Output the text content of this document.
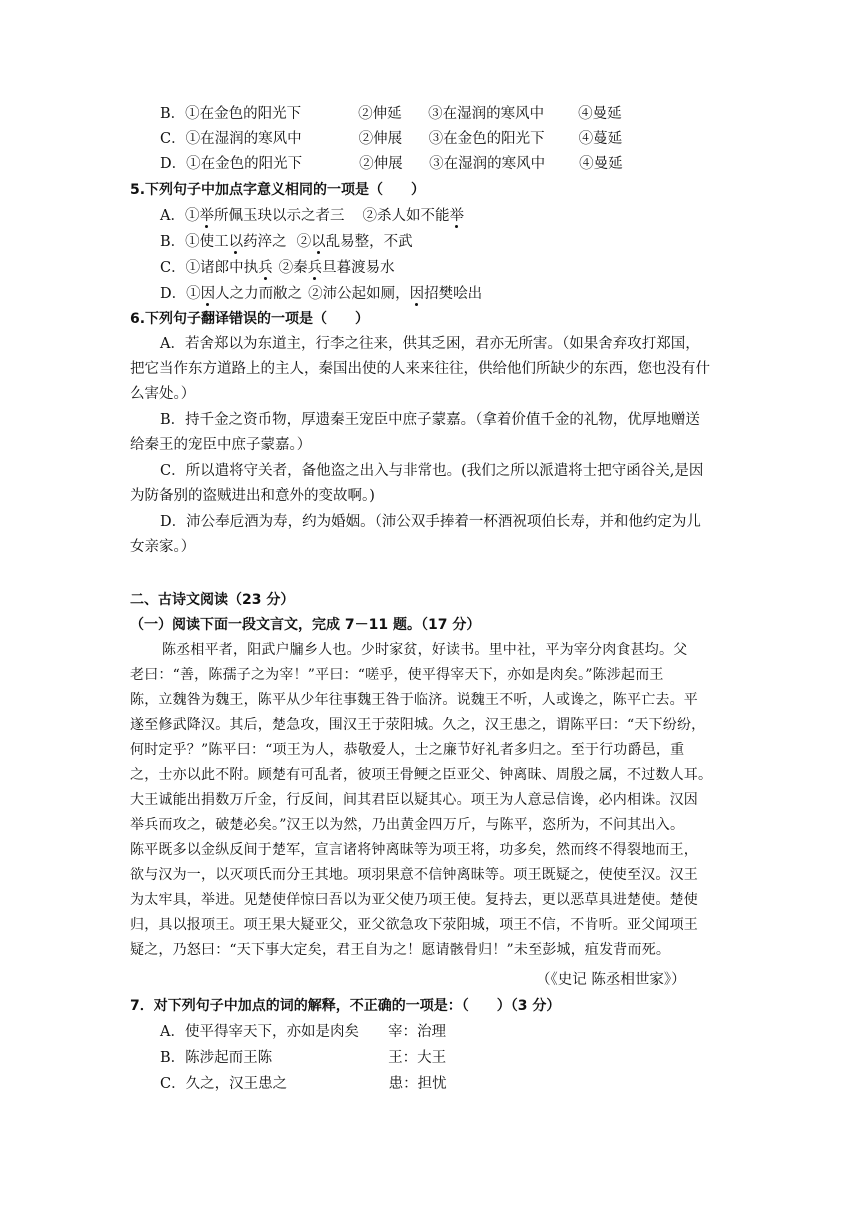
B．①在金色的阳光下	②伸延 ③在湿润的寒风中 ④曼延
C．①在湿润的寒风中	②伸展 ③在金色的阳光下 ④蔓延
D．①在金色的阳光下	②伸展 ③在湿润的寒风中 ④曼延
5.下列句子中加点字意义相同的一项是（　　）
A．①举所佩玉玦以示之者三 ②杀人如不能举
B．①使工以药淬之 ②以乱易整，不武
C．①诸郎中执兵 ②秦兵旦暮渡易水
D．①因人之力而敝之 ②沛公起如厕，因招樊哙出
6.下列句子翻译错误的一项是（　　）
A．若舍郑以为东道主，行李之往来，供其乏困，君亦无所害。（如果舍弃攻打郑国，
把它当作东方道路上的主人，秦国出使的人来来往往，供给他们所缺少的东西，您也没有什
么害处。）
B．持千金之资币物，厚遗秦王宠臣中庶子蒙嘉。（拿着价值千金的礼物，优厚地赠送
给秦王的宠臣中庶子蒙嘉。）
C．所以遣将守关者，备他盗之出入与非常也。(我们之所以派遣将士把守函谷关,是因
为防备别的盗贼进出和意外的变故啊。)
D．沛公奉卮酒为寿，约为婚姻。（沛公双手捧着一杯酒祝项伯长寿，并和他约定为儿
女亲家。）
二、古诗文阅读（23 分）
（一）阅读下面一段文言文，完成 7－11 题。（17 分）
陈丞相平者，阳武户牖乡人也。少时家贫，好读书。里中社，平为宰分肉食甚均。父
老曰：“善，陈孺子之为宰！”平曰：“嗟乎，使平得宰天下，亦如是肉矣。”陈涉起而王
陈，立魏咎为魏王，陈平从少年往事魏王咎于临济。说魏王不听，人或谗之，陈平亡去。平
遂至修武降汉。其后，楚急攻，围汉王于荥阳城。久之，汉王患之，谓陈平曰：“天下纷纷，
何时定乎？”陈平曰：“项王为人，恭敬爱人，士之廉节好礼者多归之。至于行功爵邑，重
之，士亦以此不附。顾楚有可乱者，彼项王骨鲠之臣亚父、钟离昧、周殷之属，不过数人耳。
大王诚能出捐数万斤金，行反间，间其君臣以疑其心。项王为人意忌信谗，必内相诛。汉因
举兵而攻之，破楚必矣。”汉王以为然，乃出黄金四万斤，与陈平，恣所为，不问其出入。
陈平既多以金纵反间于楚军，宣言诸将钟离昧等为项王将，功多矣，然而终不得裂地而王，
欲与汉为一，以灭项氏而分王其地。项羽果意不信钟离昧等。项王既疑之，使使至汉。汉王
为太牢具，举进。见楚使佯惊曰吾以为亚父使乃项王使。复持去，更以恶草具进楚使。楚使
归，具以报项王。项王果大疑亚父，亚父欲急攻下荥阳城，项王不信，不肯听。亚父闻项王
疑之，乃怒曰：“天下事大定矣，君王自为之！愿请骸骨归！”未至彭城，疽发背而死。
（《史记 陈丞相世家》）
7．对下列句子中加点的词的解释，不正确的一项是：（　　）（3 分）
A．使平得宰天下，亦如是肉矣 宰：治理
B．陈涉起而王陈	王：大王
C．久之，汉王患之	患：担忧
